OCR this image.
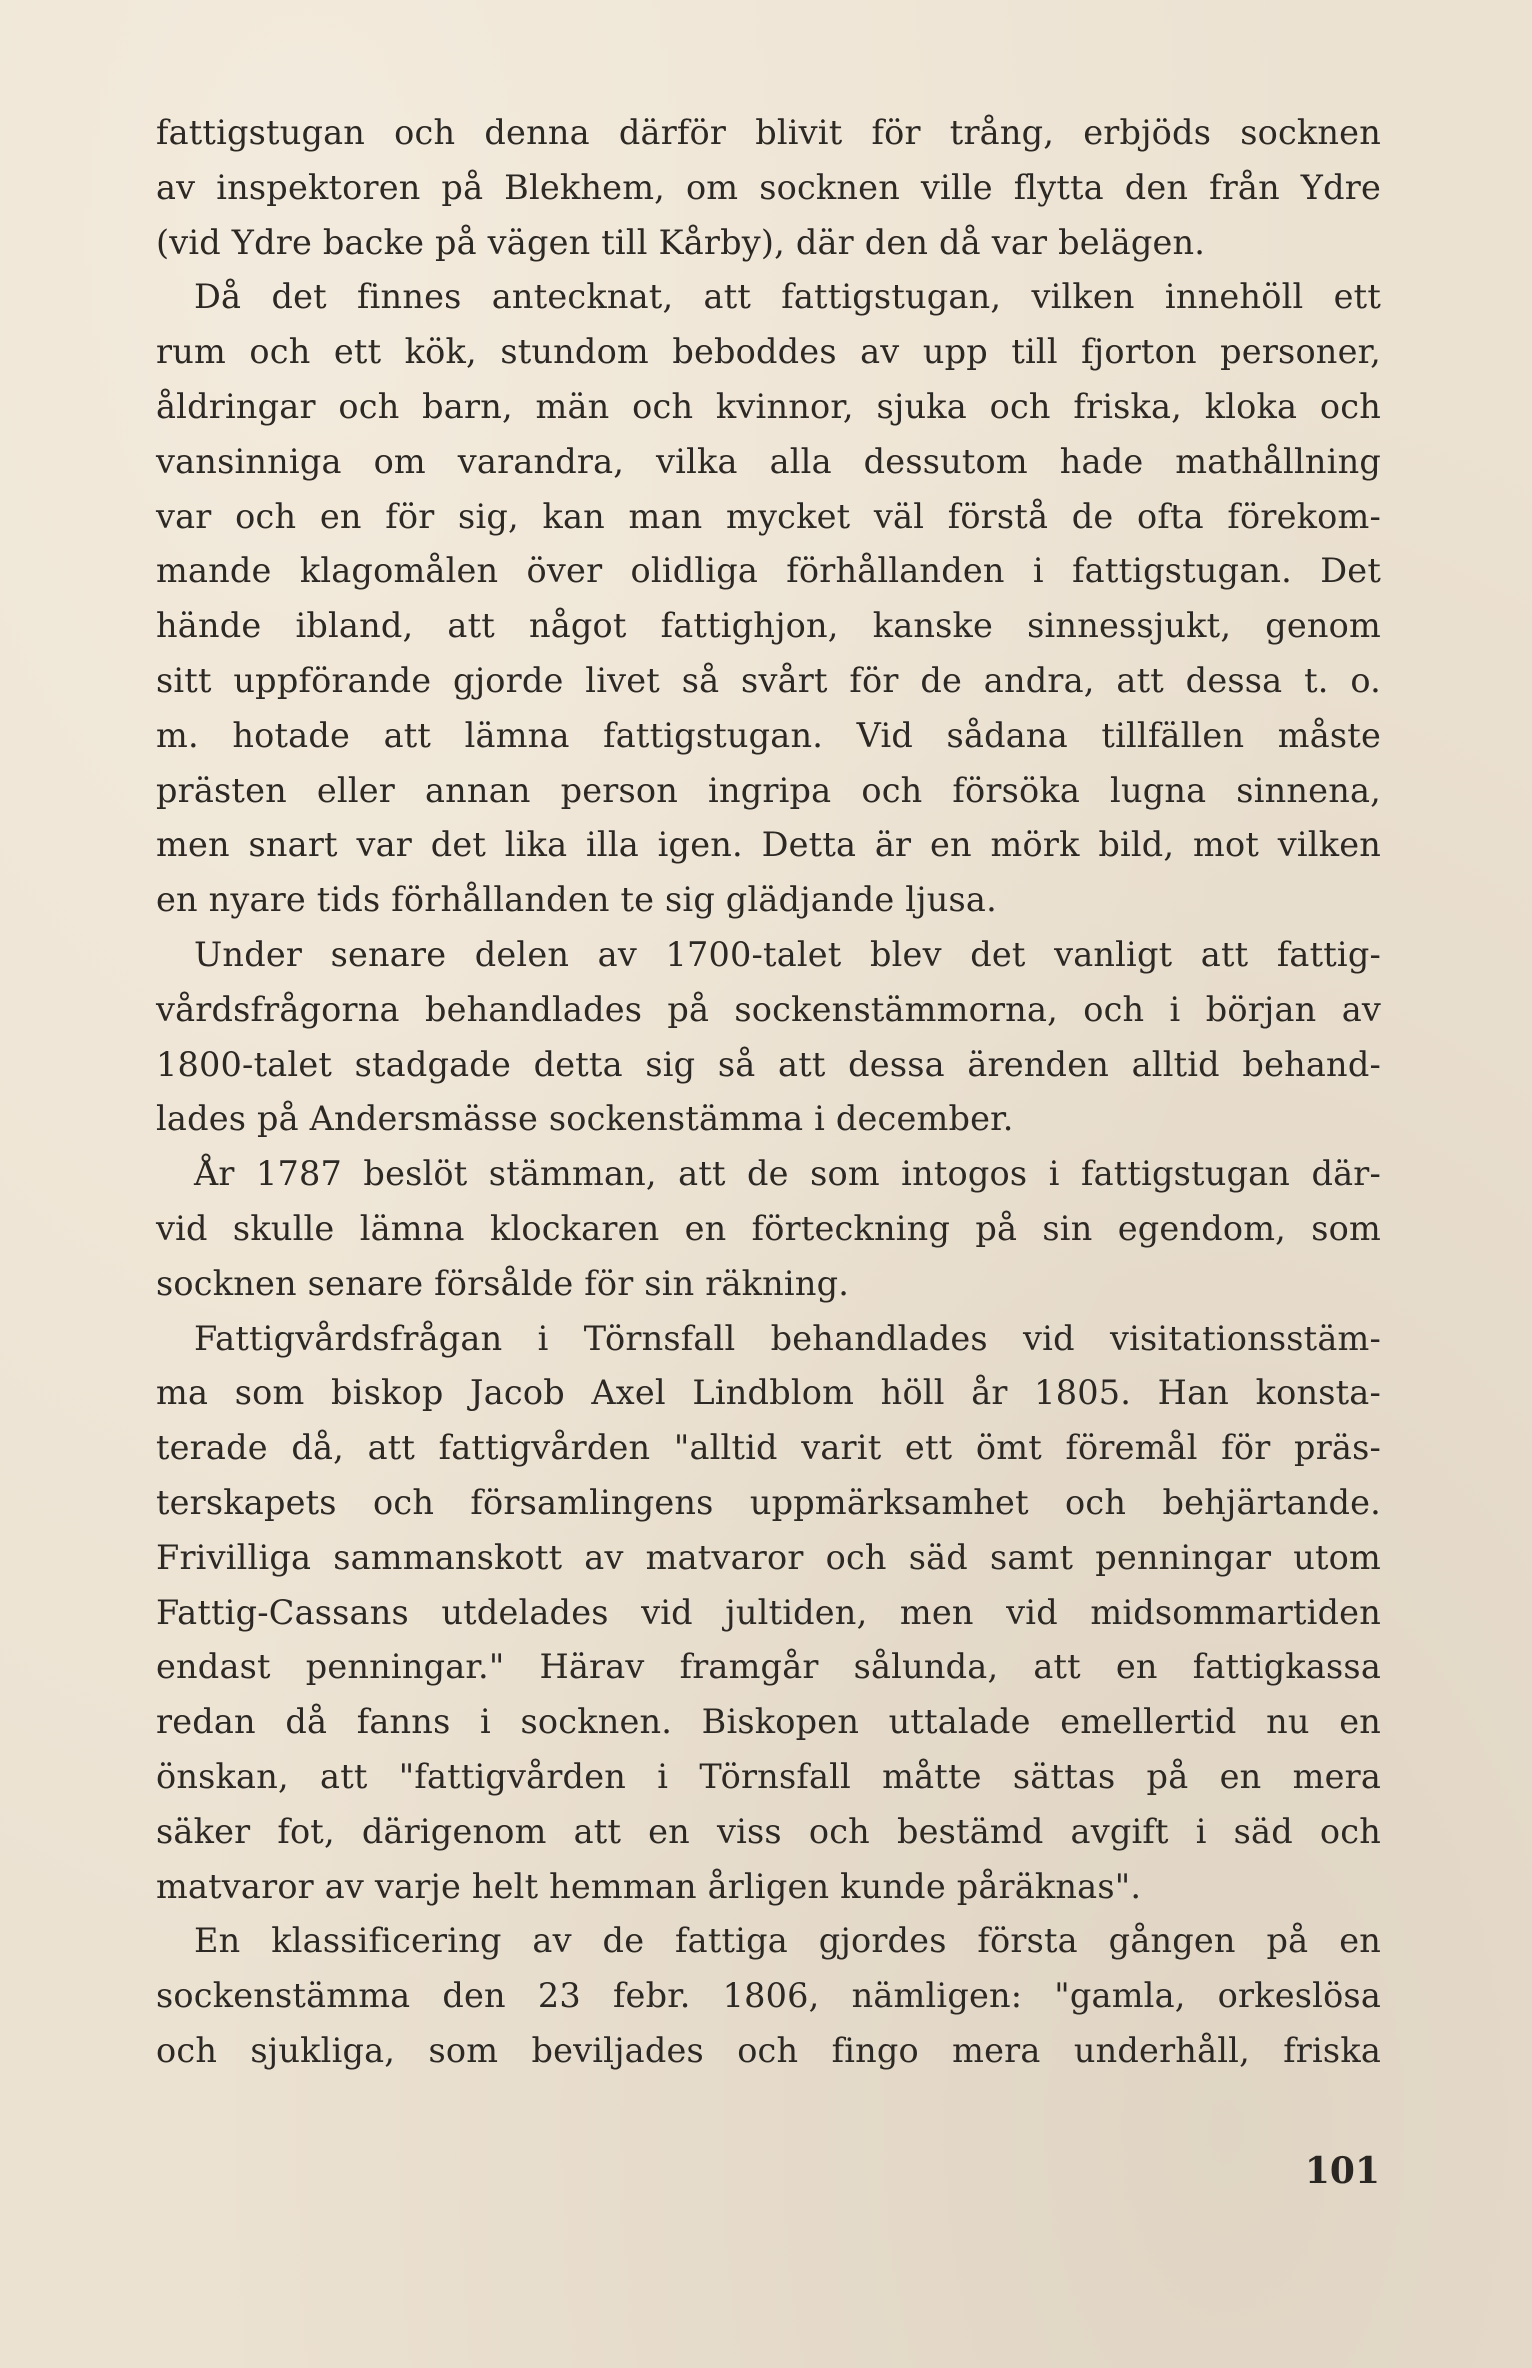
fattigstugan och denna därför blivit för trång, erbjöds socknen
av inspektoren på Blekhem, om socknen ville flytta den från Ydre
(vid Ydre backe på vägen till Kårby), där den då var belägen.
Då det finnes antecknat, att fattigstugan, vilken innehöll ett
rum och ett kök, stundom beboddes av upp till fjorton personer,
åldringar och barn, män och kvinnor, sjuka och friska, kloka och
vansinniga om varandra, vilka alla dessutom hade mathållning
var och en för sig, kan man mycket väl förstå de ofta förekom-
mande klagomålen över olidliga förhållanden i fattigstugan. Det
hände ibland, att något fattighjon, kanske sinnessjukt, genom
sitt uppförande gjorde livet så svårt för de andra, att dessa t. o.
m. hotade att lämna fattigstugan. Vid sådana tillfällen måste
prästen eller annan person ingripa och försöka lugna sinnena,
men snart var det lika illa igen. Detta är en mörk bild, mot vilken
en nyare tids förhållanden te sig glädjande ljusa.
Under senare delen av 1700-talet blev det vanligt att fattig-
vårdsfrågorna behandlades på sockenstämmorna, och i början av
1800-talet stadgade detta sig så att dessa ärenden alltid behand-
lades på Andersmässe sockenstämma i december.
År 1787 beslöt stämman, att de som intogos i fattigstugan där-
vid skulle lämna klockaren en förteckning på sin egendom, som
socknen senare försålde för sin räkning.
Fattigvårdsfrågan i Törnsfall behandlades vid visitationsstäm-
ma som biskop Jacob Axel Lindblom höll år 1805. Han konsta-
terade då, att fattigvården "alltid varit ett ömt föremål för präs-
terskapets och församlingens uppmärksamhet och behjärtande.
Frivilliga sammanskott av matvaror och säd samt penningar utom
Fattig-Cassans utdelades vid jultiden, men vid midsommartiden
endast penningar." Härav framgår sålunda, att en fattigkassa
redan då fanns i socknen. Biskopen uttalade emellertid nu en
önskan, att "fattigvården i Törnsfall måtte sättas på en mera
säker fot, därigenom att en viss och bestämd avgift i säd och
matvaror av varje helt hemman årligen kunde påräknas".
En klassificering av de fattiga gjordes första gången på en
sockenstämma den 23 febr. 1806, nämligen: "gamla, orkeslösa
och sjukliga, som beviljades och fingo mera underhåll, friska
101
